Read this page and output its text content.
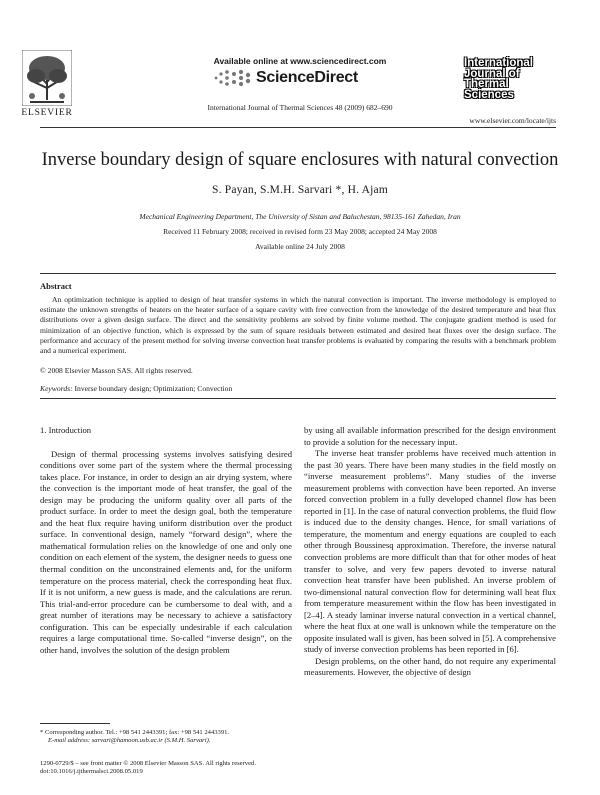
ELSEVIER
Available online at www.sciencedirect.com
ScienceDirect
International Journal of Thermal Sciences 48 (2009) 682–690
International
Journal of
Thermal
Sciences
www.elsevier.com/locate/ijts
Inverse boundary design of square enclosures with natural convection
S. Payan, S.M.H. Sarvari *, H. Ajam
Mechanical Engineering Department, The University of Sistan and Baluchestan, 98135-161 Zahedan, Iran
Received 11 February 2008; received in revised form 23 May 2008; accepted 24 May 2008
Available online 24 July 2008
Abstract

An optimization technique is applied to design of heat transfer systems in which the natural convection is important. The inverse methodology is employed to estimate the unknown strengths of heaters on the heater surface of a square cavity with free convection from the knowledge of the desired temperature and heat flux distributions over a given design surface. The direct and the sensitivity problems are solved by finite volume method. The conjugate gradient method is used for minimization of an objective function, which is expressed by the sum of square residuals between estimated and desired heat fluxes over the design surface. The performance and accuracy of the present method for solving inverse convection heat transfer problems is evaluated by comparing the results with a benchmark problem and a numerical experiment.

© 2008 Elsevier Masson SAS. All rights reserved.
Keywords: Inverse boundary design; Optimization; Convection

1. Introduction

Design of thermal processing systems involves satisfying desired conditions over some part of the system where the thermal processing takes place. For instance, in order to design an air drying system, where the convection is the important mode of heat transfer, the goal of the design may be producing the uniform quality over all parts of the product surface. In order to meet the design goal, both the temperature and the heat flux require having uniform distribution over the product surface. In conventional design, namely “forward design”, where the mathematical formulation relies on the knowledge of one and only one condition on each element of the system, the designer needs to guess one thermal condition on the unconstrained elements and, for the uniform temperature on the process material, check the corresponding heat flux. If it is not uniform, a new guess is made, and the calculations are rerun. This trial-and-error procedure can be cumbersome to deal with, and a great number of iterations may be necessary to achieve a satisfactory configuration. This can be especially undesirable if each calculation requires a large computational time. So-called “inverse design”, on the other hand, involves the solution of the design problem

by using all available information prescribed for the design environment to provide a solution for the necessary input.

The inverse heat transfer problems have received much attention in the past 30 years. There have been many studies in the field mostly on “inverse measurement problems”. Many studies of the inverse measurement problems with convection have been reported. An inverse forced convection problem in a fully developed channel flow has been reported in [1]. In the case of natural convection problems, the fluid flow is induced due to the density changes. Hence, for small variations of temperature, the momentum and energy equations are coupled to each other through Boussinesq approximation. Therefore, the inverse natural convection problems are more difficult than that for other modes of heat transfer to solve, and very few papers devoted to inverse natural convection heat transfer have been published. An inverse problem of two-dimensional natural convection flow for determining wall heat flux from temperature measurement within the flow has been investigated in [2–4]. A steady laminar inverse natural convection in a vertical channel, where the heat flux at one wall is unknown while the temperature on the opposite insulated wall is given, has been solved in [5]. A comprehensive study of inverse convection problems has been reported in [6].

Design problems, on the other hand, do not require any experimental measurements. However, the objective of design

* Corresponding author. Tel.: +98 541 2443391; fax: +98 541 2443391.
E-mail address: sarvari@hamoon.usb.ac.ir (S.M.H. Sarvari).
1290-0729/$ – see front matter © 2008 Elsevier Masson SAS. All rights reserved.
doi:10.1016/j.ijthermalsci.2008.05.019
